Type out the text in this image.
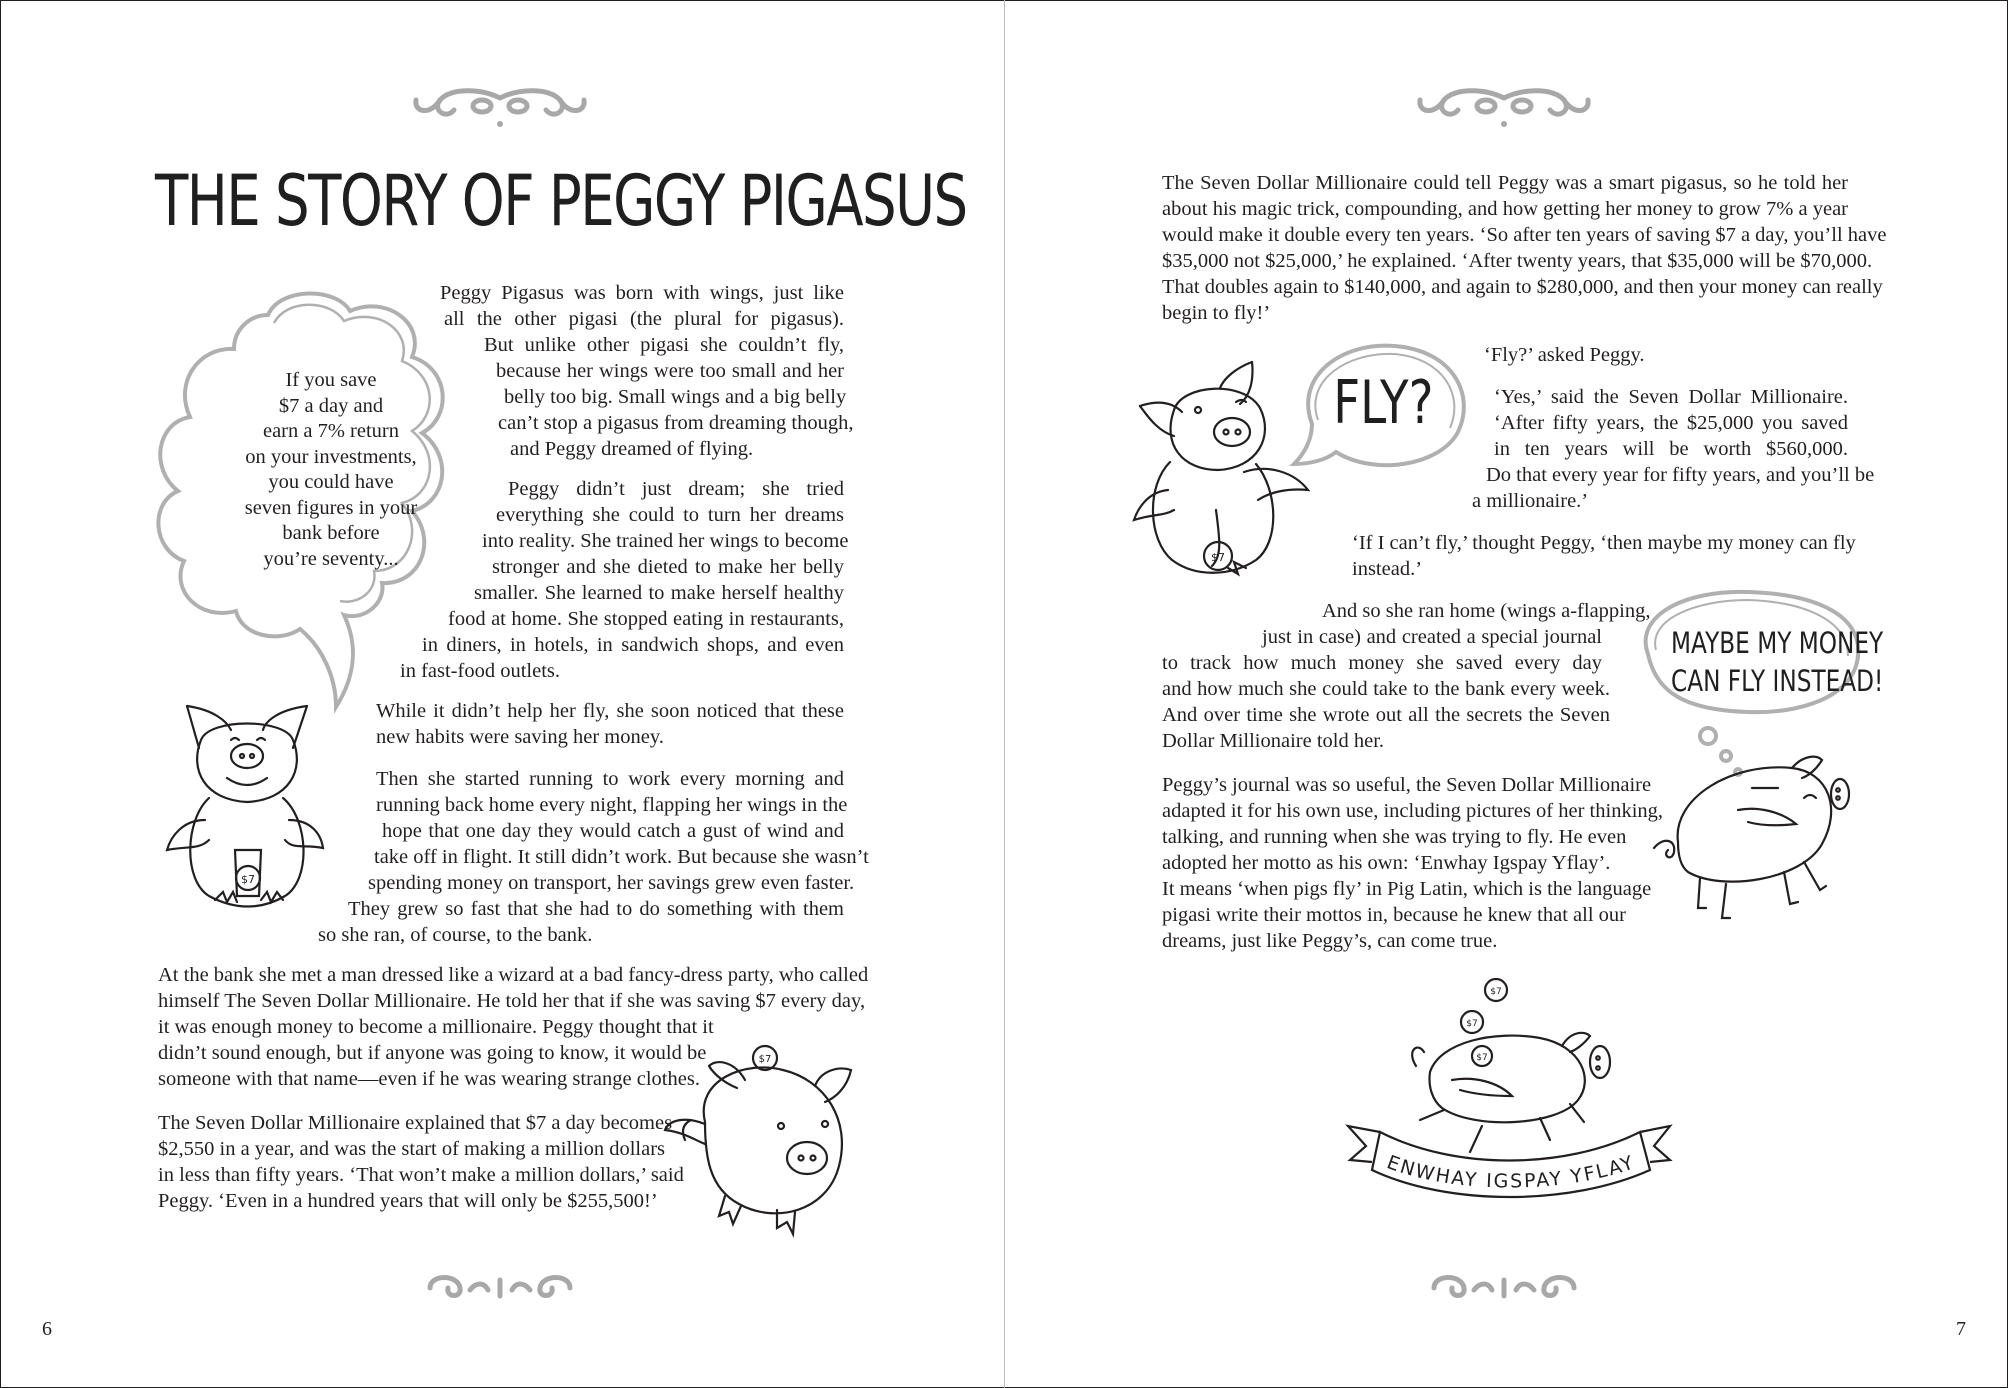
THE STORY OF PEGGY PIGASUS
If you save
$7 a day and
earn a 7% return
on your investments,
you could have
seven figures in your
bank before
you’re seventy...
$7
$7
Peggy Pigasus was born with wings, just like
all the other pigasi (the plural for pigasus).
But unlike other pigasi she couldn’t fly,
because her wings were too small and her
belly too big. Small wings and a big belly
can’t stop a pigasus from dreaming though,
and Peggy dreamed of flying.
Peggy didn’t just dream; she tried
everything she could to turn her dreams
into reality. She trained her wings to become
stronger and she dieted to make her belly
smaller. She learned to make herself healthy
food at home. She stopped eating in restaurants,
in diners, in hotels, in sandwich shops, and even
in fast-food outlets.
While it didn’t help her fly, she soon noticed that these
new habits were saving her money.
Then she started running to work every morning and
running back home every night, flapping her wings in the
hope that one day they would catch a gust of wind and
take off in flight. It still didn’t work. But because she wasn’t
spending money on transport, her savings grew even faster.
They grew so fast that she had to do something with them
so she ran, of course, to the bank.
At the bank she met a man dressed like a wizard at a bad fancy-dress party, who called
himself The Seven Dollar Millionaire. He told her that if she was saving $7 every day,
it was enough money to become a millionaire. Peggy thought that it
didn’t sound enough, but if anyone was going to know, it would be
someone with that name—even if he was wearing strange clothes.
The Seven Dollar Millionaire explained that $7 a day becomes
$2,550 in a year, and was the start of making a million dollars
in less than fifty years. ‘That won’t make a million dollars,’ said
Peggy. ‘Even in a hundred years that will only be $255,500!’
6
The Seven Dollar Millionaire could tell Peggy was a smart pigasus, so he told her
about his magic trick, compounding, and how getting her money to grow 7% a year
would make it double every ten years. ‘So after ten years of saving $7 a day, you’ll have
$35,000 not $25,000,’ he explained. ‘After twenty years, that $35,000 will be $70,000.
That doubles again to $140,000, and again to $280,000, and then your money can really
begin to fly!’
‘Fly?’ asked Peggy.
$7
FLY?	‘Yes,’ said the Seven Dollar Millionaire.
‘After fifty years, the $25,000 you saved
in ten years will be worth $560,000.
Do that every year for fifty years, and you’ll be
a millionaire.’
‘If I can’t fly,’ thought Peggy, ‘then maybe my money can fly
instead.’
MAYBE MY MONEY
CAN FLY INSTEAD!
And so she ran home (wings a-flapping,
just in case) and created a special journal
to track how much money she saved every day
and how much she could take to the bank every week.
And over time she wrote out all the secrets the Seven
Dollar Millionaire told her.
Peggy’s journal was so useful, the Seven Dollar Millionaire
adapted it for his own use, including pictures of her thinking,
talking, and running when she was trying to fly. He even
adopted her motto as his own: ‘Enwhay Igspay Yflay’.
It means ‘when pigs fly’ in Pig Latin, which is the language
pigasi write their mottos in, because he knew that all our
dreams, just like Peggy’s, can come true.
ENWHAY IGSPAY YFLAY
$7
$7
$7
7
